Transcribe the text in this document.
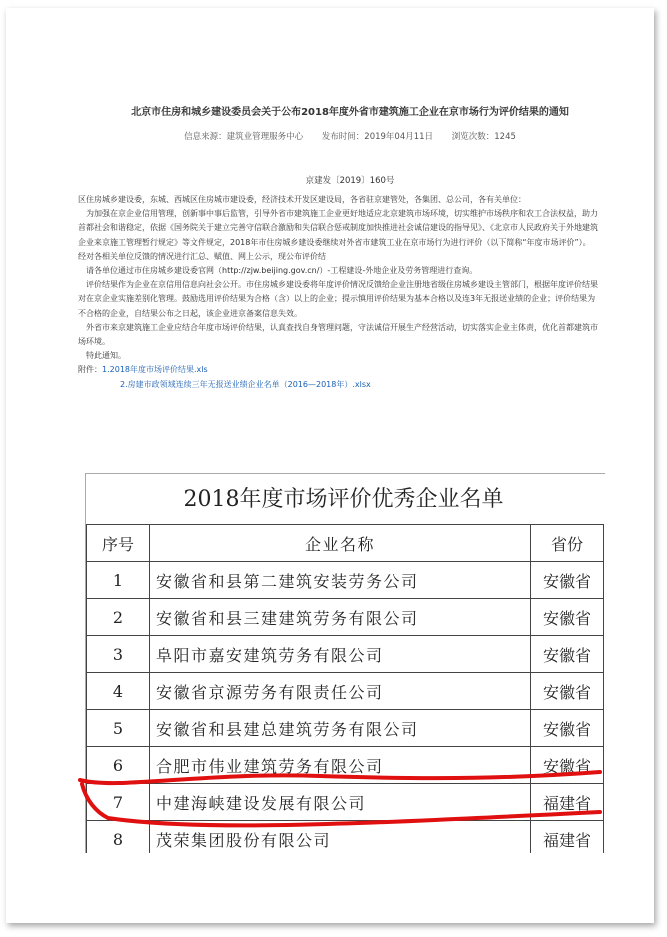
北京市住房和城乡建设委员会关于公布2018年度外省市建筑施工企业在京市场行为评价结果的通知
信息来源：建筑业管理服务中心 发布时间：2019年04月11日 浏览次数：1245
京建发〔2019〕160号

区住房城乡建设委，东城、西城区住房城市建设委，经济技术开发区建设局，各省驻京建管处，各集团、总公司，各有关单位：

　为加强在京企业信用管理，创新事中事后监管，引导外省市建筑施工企业更好地适应北京建筑市场环境，切实维护市场秩序和农工合法权益，助力首都社会和谐稳定，依据《国务院关于建立完善守信联合激励和失信联合惩戒制度加快推进社会诚信建设的指导见》、《北京市人民政府关于外地建筑企业来京施工管理暂行规定》等文件规定，2018年市住房城乡建设委继续对外省市建筑工业在京市场行为进行评价（以下简称“年度市场评价”）。经对各相关单位反馈的情况进行汇总、赋值、网上公示，现公布评价结

　请各单位通过市住房城乡建设委官网（http://zjw.beijing.gov.cn/）-工程建设-外地企业及劳务管理进行查询。

　评价结果作为企业在京信用信息向社会公开。市住房城乡建设委将年度评价情况反馈给企业注册地省级住房城乡建设主管部门，根据年度评价结果对在京企业实施差别化管理。鼓励选用评价结果为合格（含）以上的企业；提示慎用评价结果为基本合格以及连3年无报送业绩的企业；评价结果为不合格的企业，自结果公布之日起，该企业进京备案信息失效。

　外省市来京建筑施工企业应结合年度市场评价结果，认真查找自身管理问题，守法诚信开展生产经营活动，切实落实企业主体责，优化首都建筑市场环境。

　特此通知。

附件：1.2018年度市场评价结果.xls

2.房建市政领域连续三年无报送业绩企业名单（2016—2018年）.xlsx

2018年度市场评价优秀企业名单
序号	企业名称	省份
1	安徽省和县第二建筑安装劳务公司	安徽省
2	安徽省和县三建建筑劳务有限公司	安徽省
3	阜阳市嘉安建筑劳务有限公司	安徽省
4	安徽省京源劳务有限责任公司	安徽省
5	安徽省和县建总建筑劳务有限公司	安徽省
6	合肥市伟业建筑劳务有限公司	安徽省
7	中建海峡建设发展有限公司	福建省
8	茂荣集团股份有限公司	福建省
